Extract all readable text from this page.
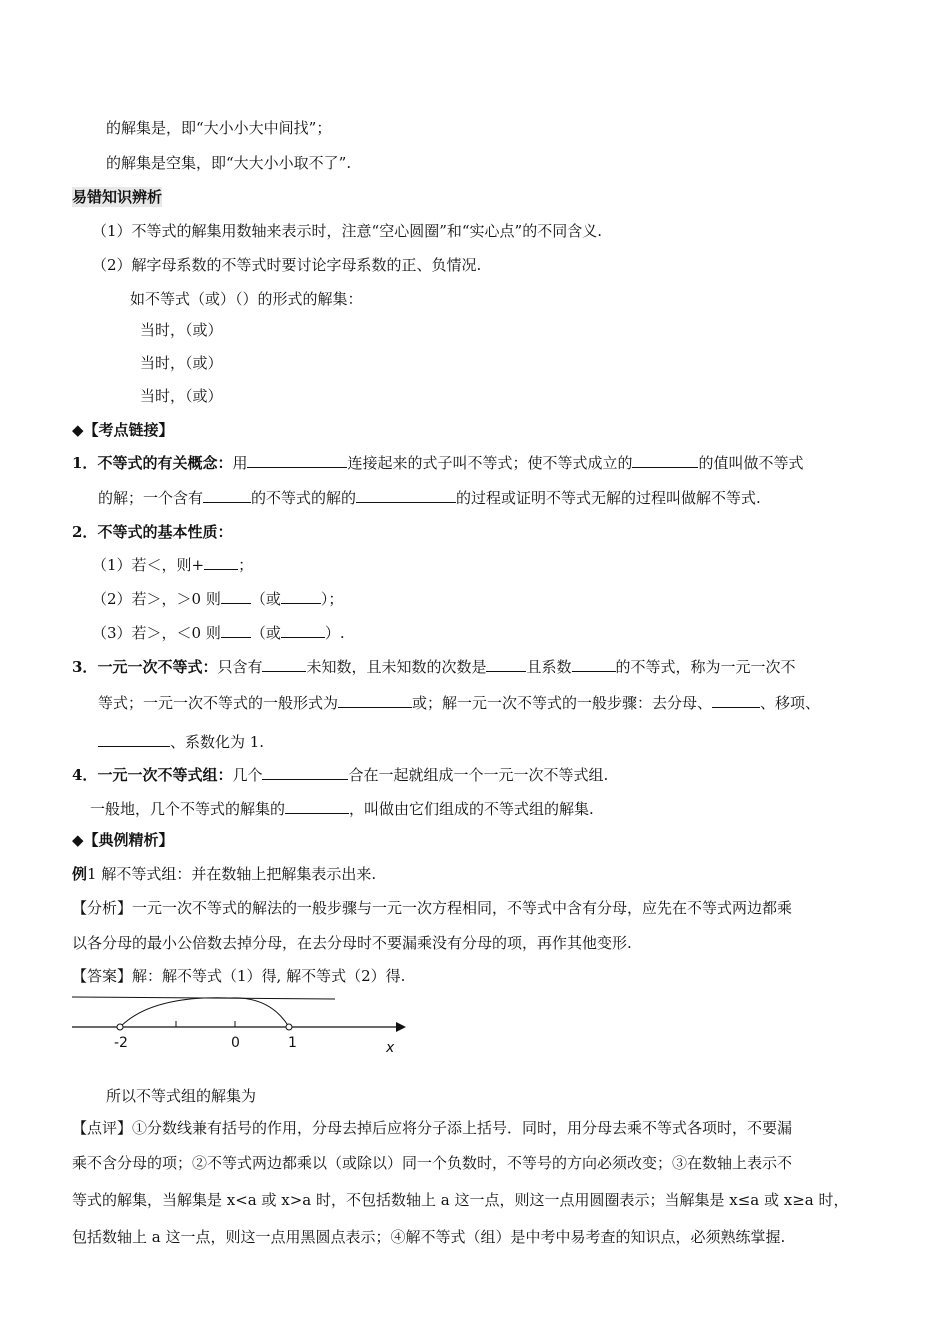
的解集是，即“大小小大中间找”；
的解集是空集，即“大大小小取不了”.
易错知识辨析
（1）不等式的解集用数轴来表示时，注意“空心圆圈”和“实心点”的不同含义.
（2）解字母系数的不等式时要讨论字母系数的正、负情况.
如不等式（或）（）的形式的解集：
当时，（或）
当时，（或）
当时，（或）
◆【考点链接】
1．不等式的有关概念：用	连接起来的式子叫不等式；使不等式成立的	的值叫做不等式
的解；一个含有	的不等式的解的	的过程或证明不等式无解的过程叫做解不等式.
2．不等式的基本性质：
（1）若＜，则+ ；
（2）若＞，＞0 则 （或	）；
（3）若＞，＜0 则 （或	）.
3．一元一次不等式：只含有	未知数，且未知数的次数是	且系数	的不等式，称为一元一次不
等式；一元一次不等式的一般形式为	或；解一元一次不等式的一般步骤：去分母、	、移项、
、系数化为 1.
4．一元一次不等式组：几个	合在一起就组成一个一元一次不等式组.
一般地，几个不等式的解集的	，叫做由它们组成的不等式组的解集.
◆【典例精析】
例1 解不等式组：并在数轴上把解集表示出来.
【分析】一元一次不等式的解法的一般步骤与一元一次方程相同，不等式中含有分母，应先在不等式两边都乘
以各分母的最小公倍数去掉分母，在去分母时不要漏乘没有分母的项，再作其他变形.
【答案】解：解不等式（1）得, 解不等式（2）得.
-2	0	1	x
所以不等式组的解集为
【点评】①分数线兼有括号的作用，分母去掉后应将分子添上括号．同时，用分母去乘不等式各项时，不要漏
乘不含分母的项；②不等式两边都乘以（或除以）同一个负数时，不等号的方向必须改变；③在数轴上表示不
等式的解集，当解集是 x<a 或 x>a 时，不包括数轴上 a 这一点，则这一点用圆圈表示；当解集是 x≤a 或 x≥a 时，
包括数轴上 a 这一点，则这一点用黑圆点表示；④解不等式（组）是中考中易考查的知识点，必须熟练掌握.
